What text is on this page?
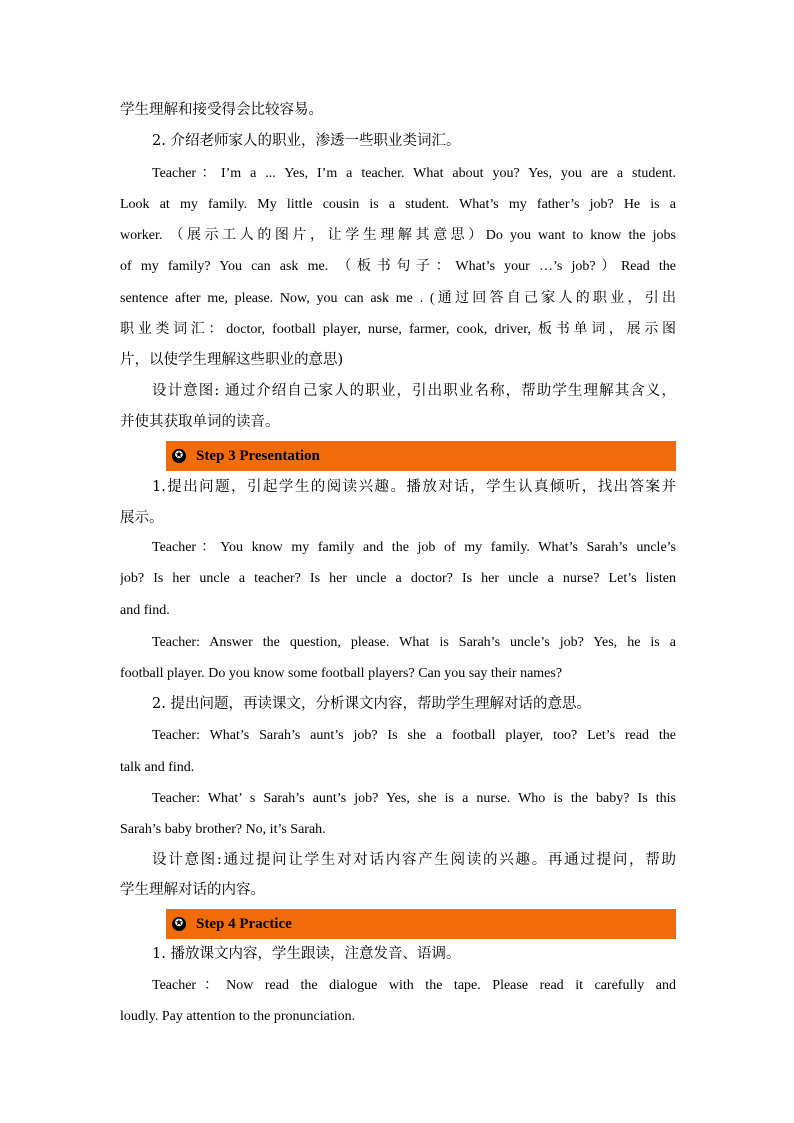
学生理解和接受得会比较容易。
2. 介绍老师家人的职业，渗透一些职业类词汇。
Teacher：I’m a ... Yes, I’m a teacher. What about you? Yes, you are a student.
Look at my family. My little cousin is a student. What’s my father’s job? He is a
worker. （展示工人的图片，让学生理解其意思）Do you want to know the jobs
of my family? You can ask me. （板书句子：What’s your …’s job?）Read the
sentence after me, please. Now, you can ask me . (通过回答自己家人的职业，引出
职业类词汇：doctor, football player, nurse, farmer, cook, driver, 板书单词，展示图
片，以使学生理解这些职业的意思)
设计意图: 通过介绍自己家人的职业，引出职业名称，帮助学生理解其含义，
并使其获取单词的读音。
✪ Step 3 Presentation
1.提出问题，引起学生的阅读兴趣。播放对话，学生认真倾听，找出答案并
展示。
Teacher：You know my family and the job of my family. What’s Sarah’s uncle’s
job? Is her uncle a teacher? Is her uncle a doctor? Is her uncle a nurse? Let’s listen
and find.
Teacher: Answer the question, please. What is Sarah’s uncle’s job? Yes, he is a
football player. Do you know some football players? Can you say their names?
2. 提出问题，再读课文，分析课文内容，帮助学生理解对话的意思。
Teacher: What’s Sarah’s aunt’s job? Is she a football player, too? Let’s read the
talk and find.
Teacher: What’ s Sarah’s aunt’s job? Yes, she is a nurse. Who is the baby? Is this
Sarah’s baby brother? No, it’s Sarah.
设计意图:通过提问让学生对对话内容产生阅读的兴趣。再通过提问，帮助
学生理解对话的内容。
✪ Step 4 Practice
1. 播放课文内容，学生跟读，注意发音、语调。
Teacher：Now read the dialogue with the tape. Please read it carefully and
loudly. Pay attention to the pronunciation.
